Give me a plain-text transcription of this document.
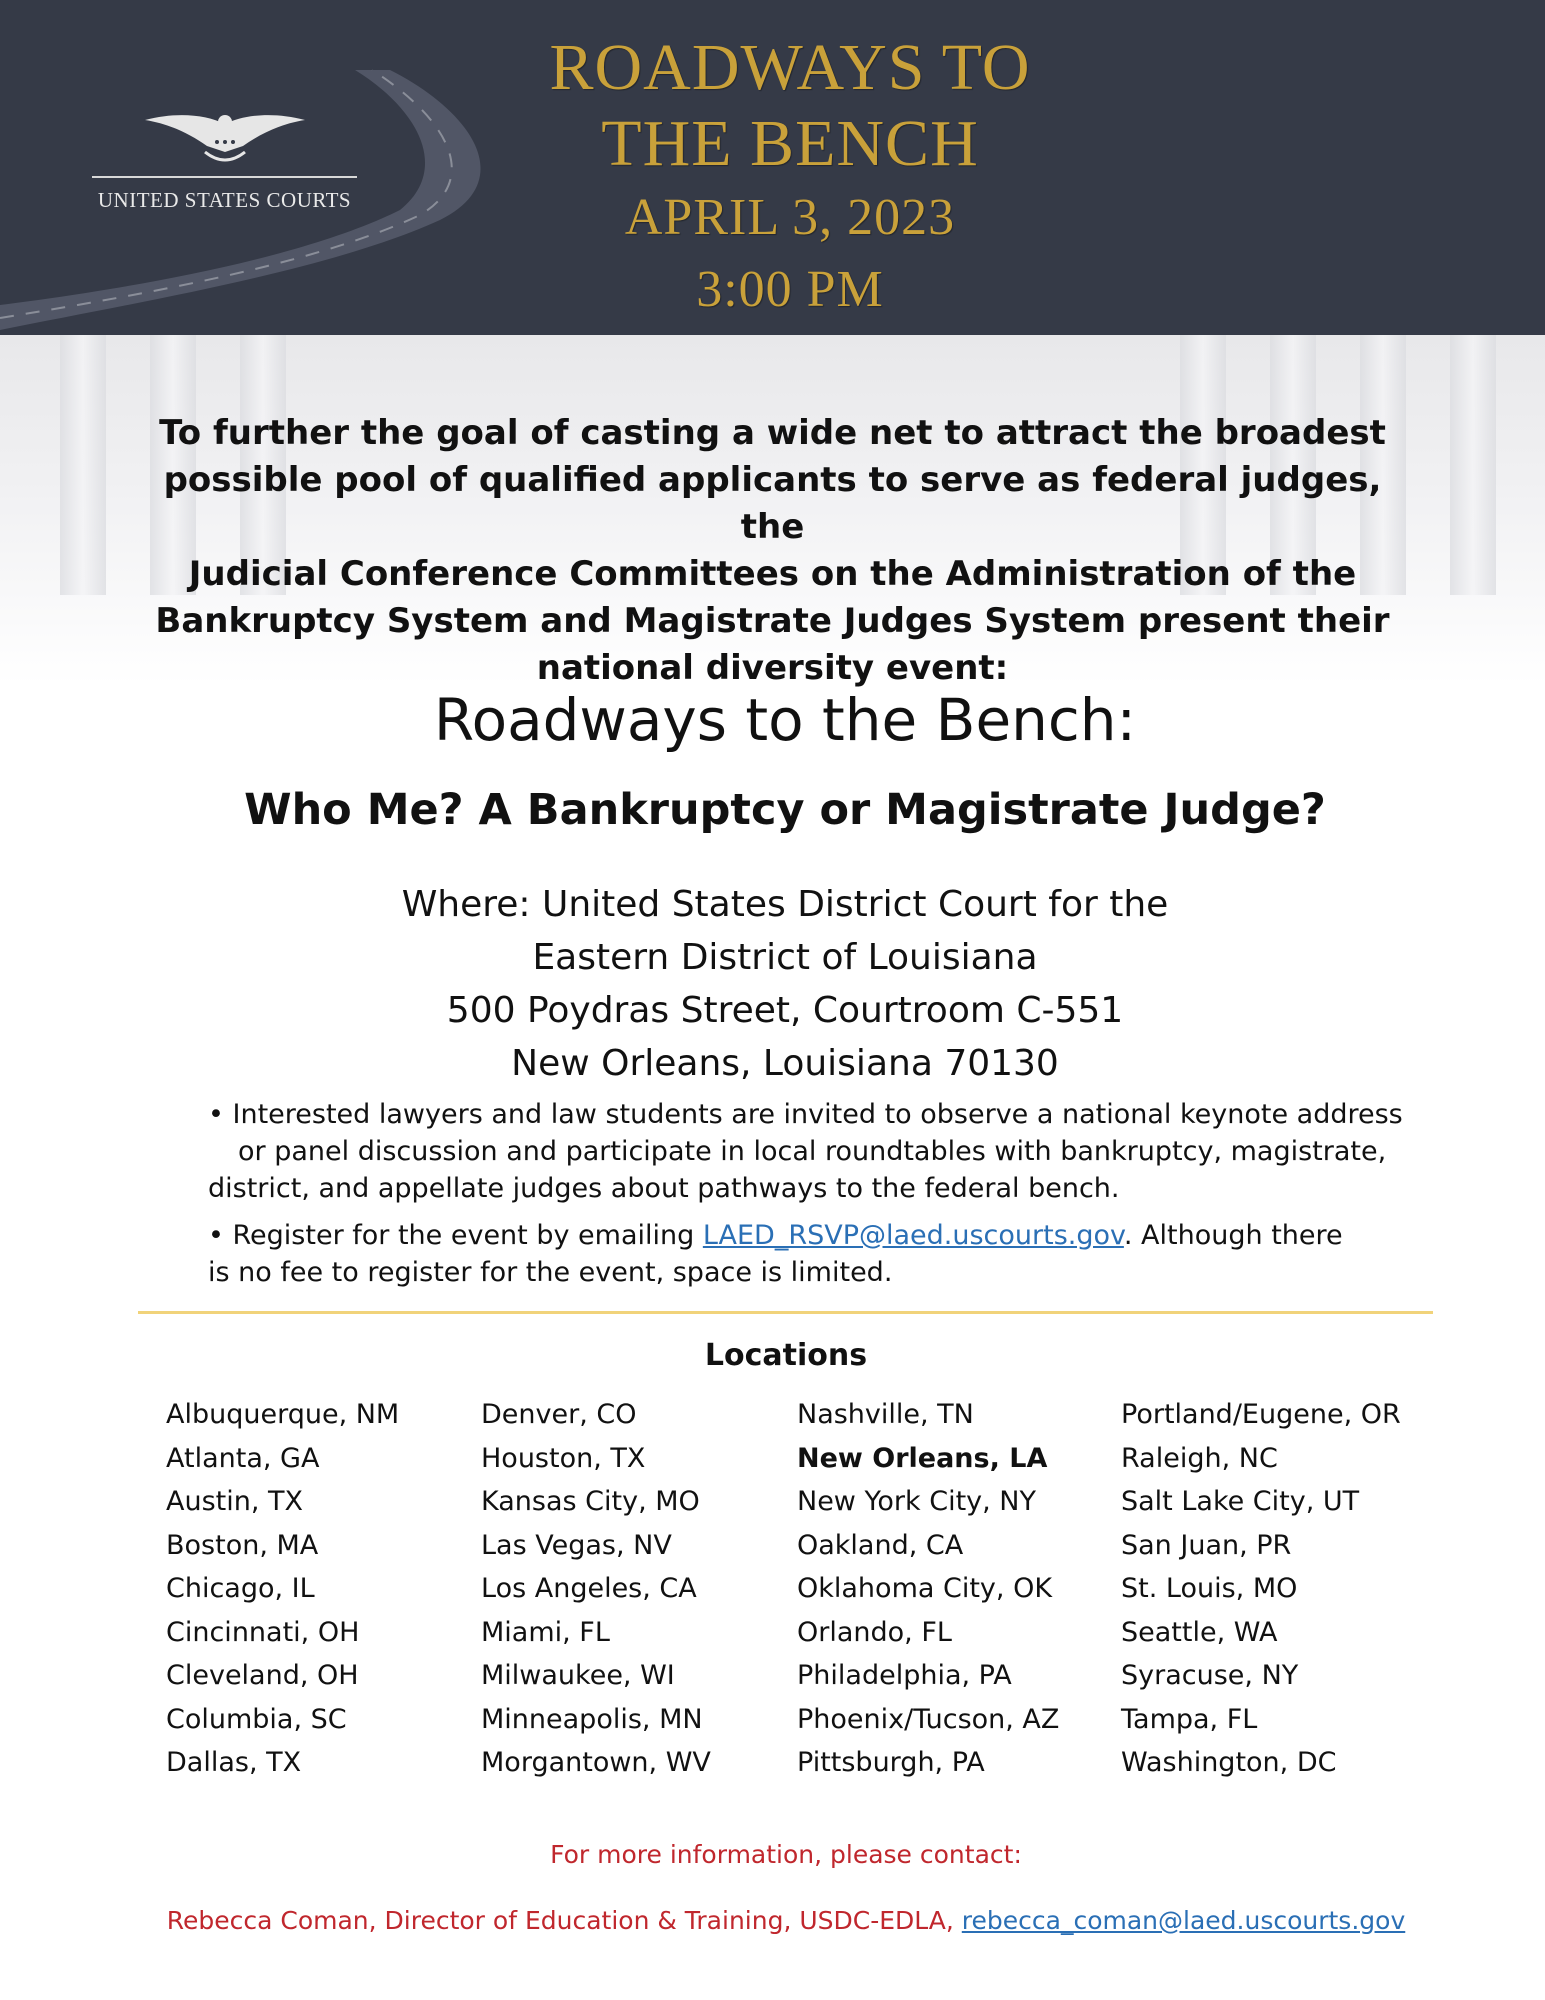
UNITED STATES COURTS
ROADWAYS TO
THE BENCH
APRIL 3, 2023
3:00 PM
To further the goal of casting a wide net to attract the broadest
possible pool of qualified applicants to serve as federal judges, the
Judicial Conference Committees on the Administration of the
Bankruptcy System and Magistrate Judges System present their
national diversity event:
Roadways to the Bench:
Who Me? A Bankruptcy or Magistrate Judge?
Where: United States District Court for the
Eastern District of Louisiana
500 Poydras Street, Courtroom C-551
New Orleans, Louisiana 70130
• Interested lawyers and law students are invited to observe a national keynote address
or panel discussion and participate in local roundtables with bankruptcy, magistrate,
district, and appellate judges about pathways to the federal bench.
• Register for the event by emailing LAED_RSVP@laed.uscourts.gov. Although there
is no fee to register for the event, space is limited.
Locations
Albuquerque, NM
Atlanta, GA
Austin, TX
Boston, MA
Chicago, IL
Cincinnati, OH
Cleveland, OH
Columbia, SC
Dallas, TX
Denver, CO
Houston, TX
Kansas City, MO
Las Vegas, NV
Los Angeles, CA
Miami, FL
Milwaukee, WI
Minneapolis, MN
Morgantown, WV
Nashville, TN
New Orleans, LA
New York City, NY
Oakland, CA
Oklahoma City, OK
Orlando, FL
Philadelphia, PA
Phoenix/Tucson, AZ
Pittsburgh, PA
Portland/Eugene, OR
Raleigh, NC
Salt Lake City, UT
San Juan, PR
St. Louis, MO
Seattle, WA
Syracuse, NY
Tampa, FL
Washington, DC
For more information, please contact:
Rebecca Coman, Director of Education & Training, USDC-EDLA, rebecca_coman@laed.uscourts.gov
